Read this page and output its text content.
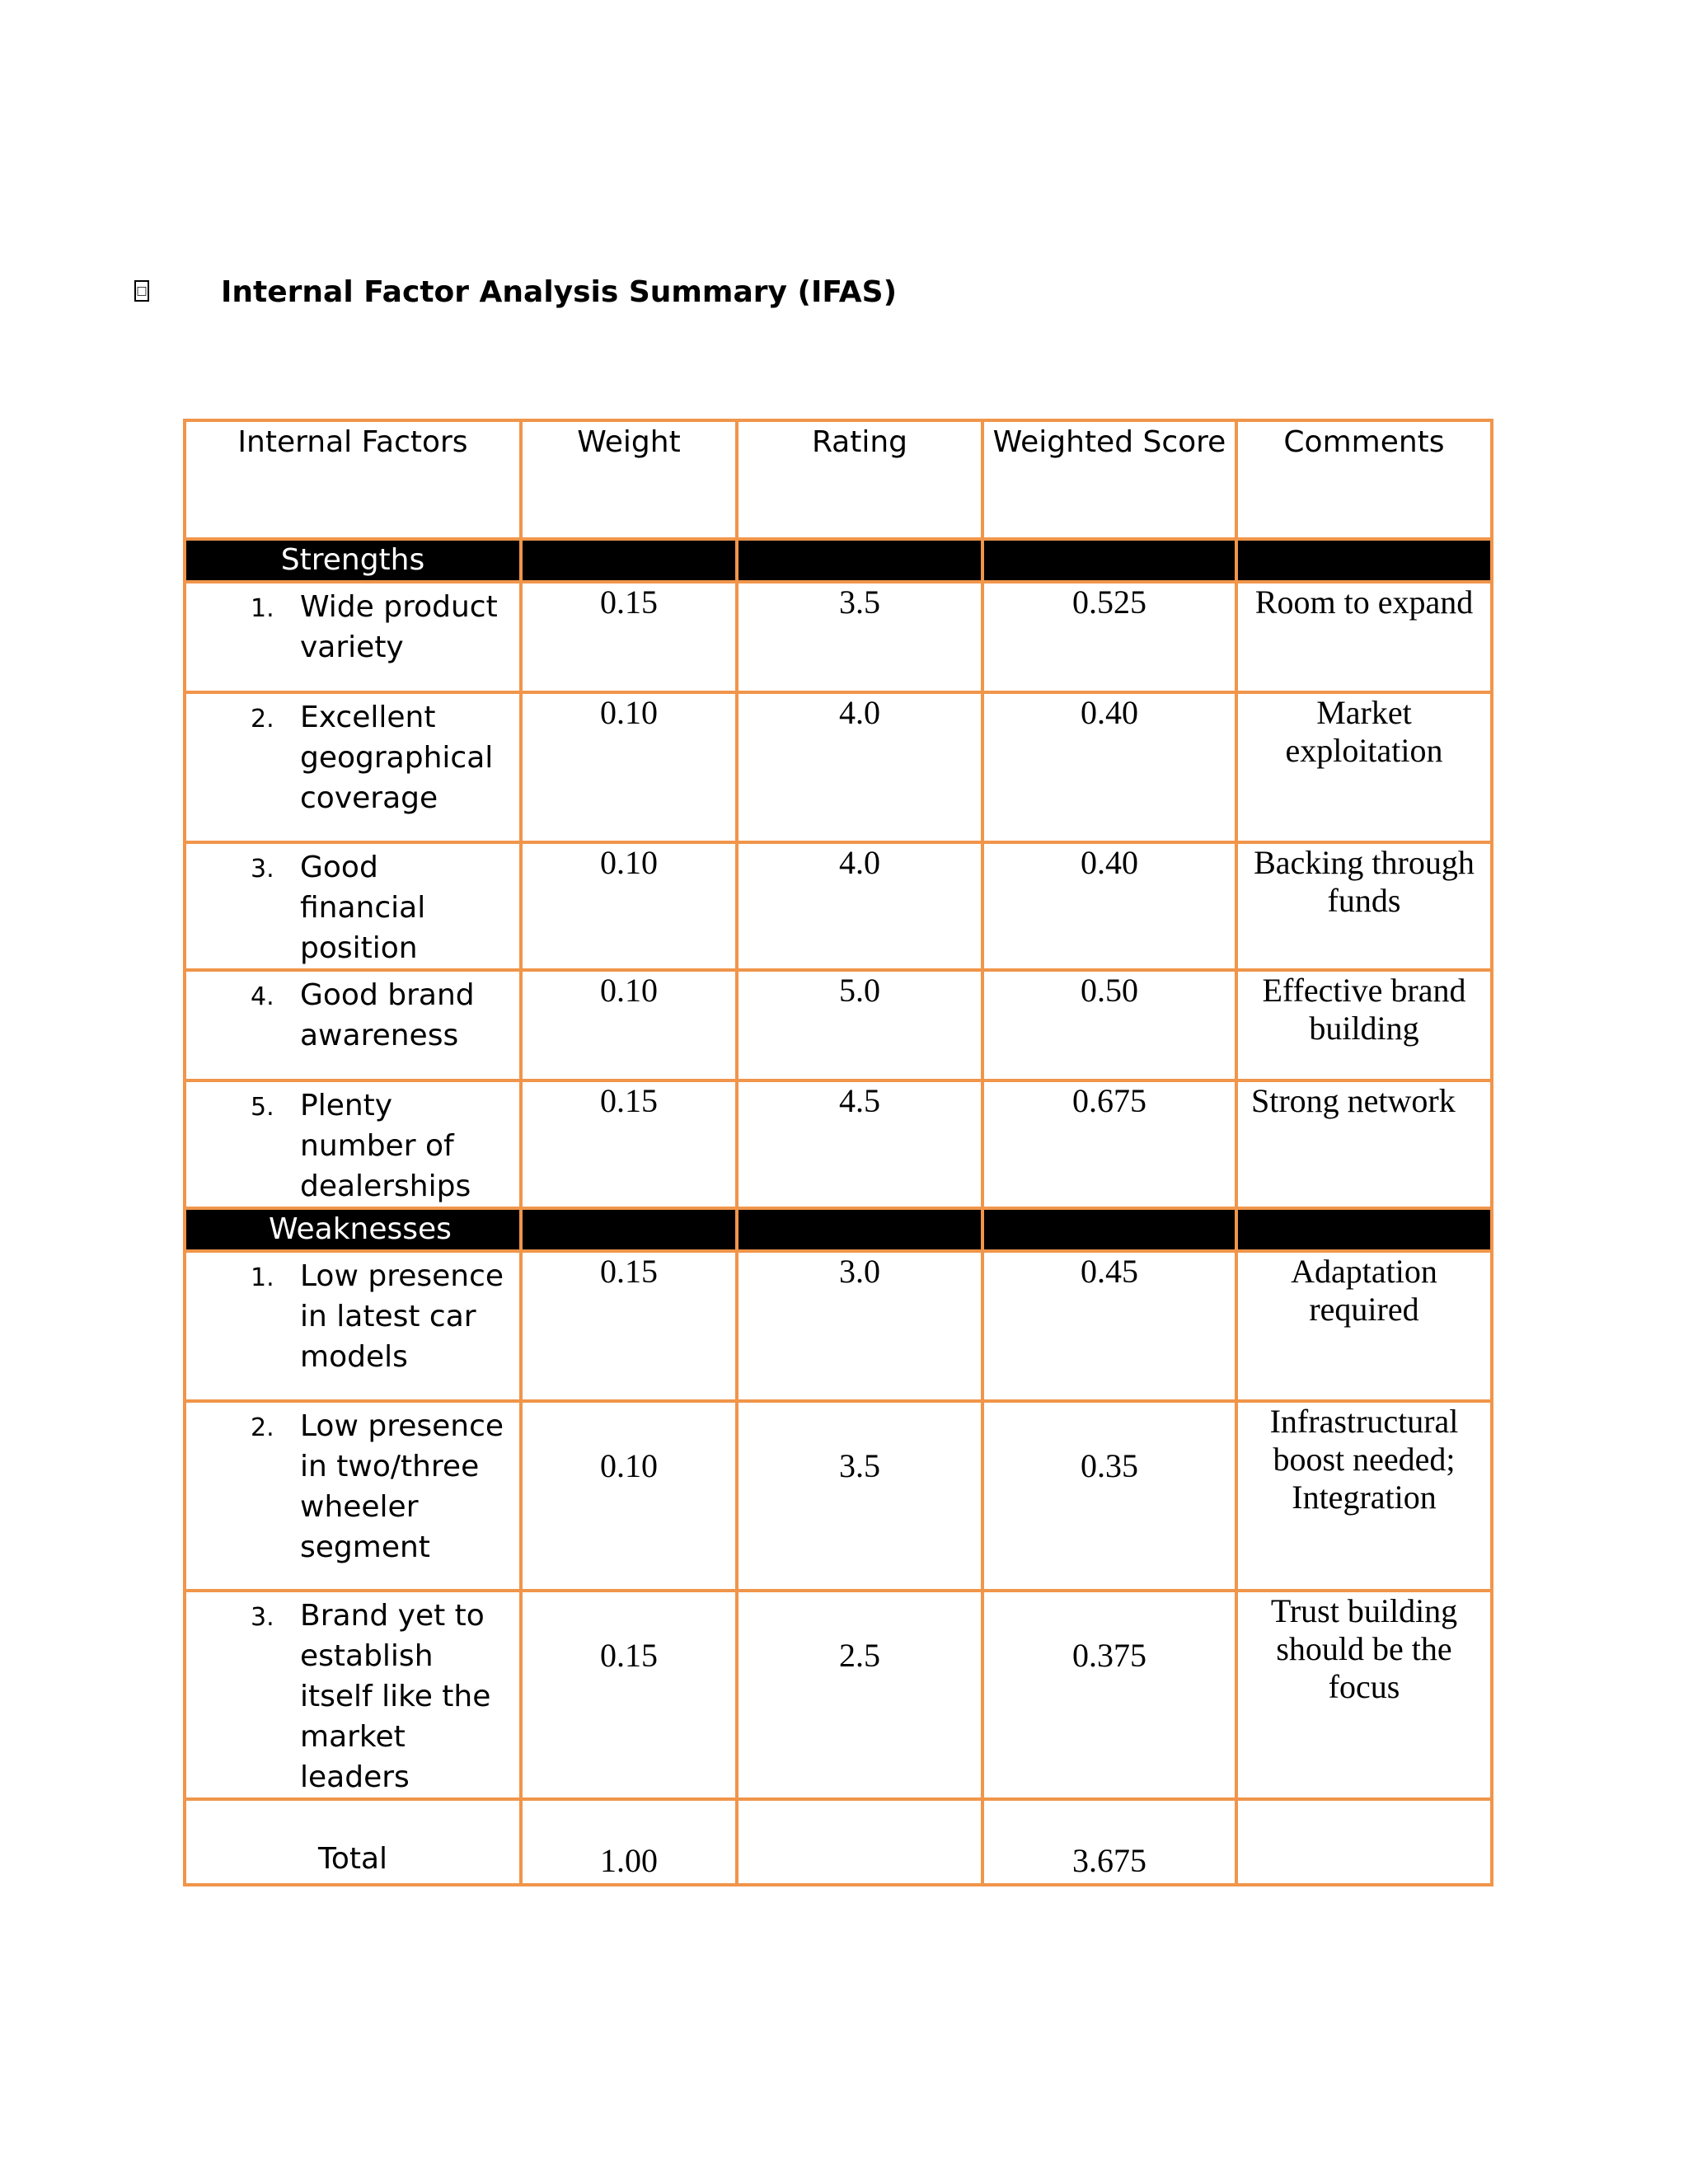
□ Internal Factor Analysis Summary (IFAS)
Internal Factors	Weight	Rating	Weighted Score	Comments
Strengths				

1. Wide product variety	0.15	3.5	0.525	Room to expand

2. Excellent geographical coverage	0.10	4.0	0.40	Market exploitation

3. Good financial position	0.10	4.0	0.40	Backing through funds

4. Good brand awareness	0.10	5.0	0.50	Effective brand building

5. Plenty number of dealerships	0.15	4.5	0.675	Strong network
Weaknesses				

1. Low presence in latest car models	0.15	3.0	0.45	Adaptation required

2. Low presence in two/three wheeler segment	0.10	3.5	0.35	Infrastructural boost needed; Integration

3. Brand yet to establish itself like the market leaders	0.15	2.5	0.375	Trust building should be the focus
Total	1.00		3.675	
